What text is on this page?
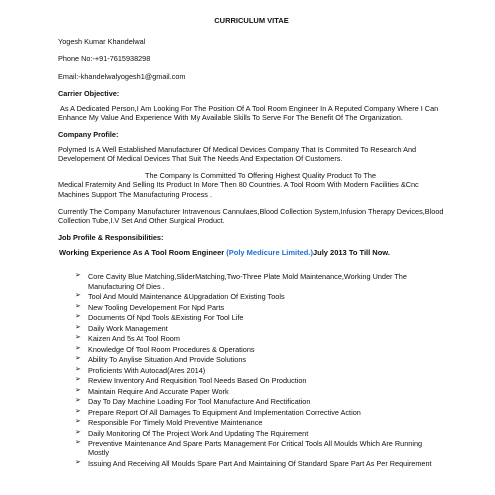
CURRICULUM VITAE
Yogesh Kumar Khandelwal
Phone No:-+91-7615938298
Email:-khandelwalyogesh1@gmail.com
Carrier Objective:
As A Dedicated Person,I Am Looking For The Position Of A Tool Room Engineer In A Reputed Company Where I Can Enhance My Value And Experience With My Available Skills To Serve For The Benefit Of The Organization.
Company Profile:
Polymed Is A Well Established Manufacturer Of Medical Devices Company That Is Commited To Research And Developement Of Medical Devices That Suit The Needs And Expectation Of Customers.
The Company Is Committed To Offering Highest Quality Product To The
Medical Fraternity And Selling Its Product In More Then 80 Countries. A Tool Room With Modern Facilities &Cnc Machines Support The Manufacturing Process .
Currently The Company Manufacturer Intravenous Cannulaes,Blood Collection System,Infusion Therapy Devices,Blood Collection Tube,I.V Set And Other Surgical Product.
Job Profile & Responsibilities:
Working Experience As A Tool Room Engineer (Poly Medicure Limited.)July 2013 To Till Now.
➢ Core Cavity Blue Matching,SliderMatching,Two-Three Plate Mold Maintenance,Working Under The Manufacturing Of Dies .
➢ Tool And Mould Maintenance &Upgradation Of Existing Tools
➢ New Tooling Developement For Npd Parts
➢ Documents Of Npd Tools &Existing For Tool Life
➢ Daily Work Management
➢ Kaizen And 5s At Tool Room
➢ Knowledge Of Tool Room Procedures & Operations
➢ Ability To Anylise Situation And Provide Solutions
➢ Proficients With Autocad(Ares 2014)
➢ Review Inventory And Requisition Tool Needs Based On Production
➢ Maintain Require And Accurate Paper Work
➢ Day To Day Machine Loading For Tool Manufacture And Rectification
➢ Prepare Report Of All Damages To Equipment And Implementation Corrective Action
➢ Responsible For Timely Mold Preventive Maintenance
➢ Daily Monitoring Of The Project Work And Updating The Rquirement
➢ Preventive Maintenance And Spare Parts Management For Critical Tools All Moulds Which Are Running Mostly
➢ Issuing And Receiving All Moulds Spare Part And Maintaining Of Standard Spare Part As Per Requirement
